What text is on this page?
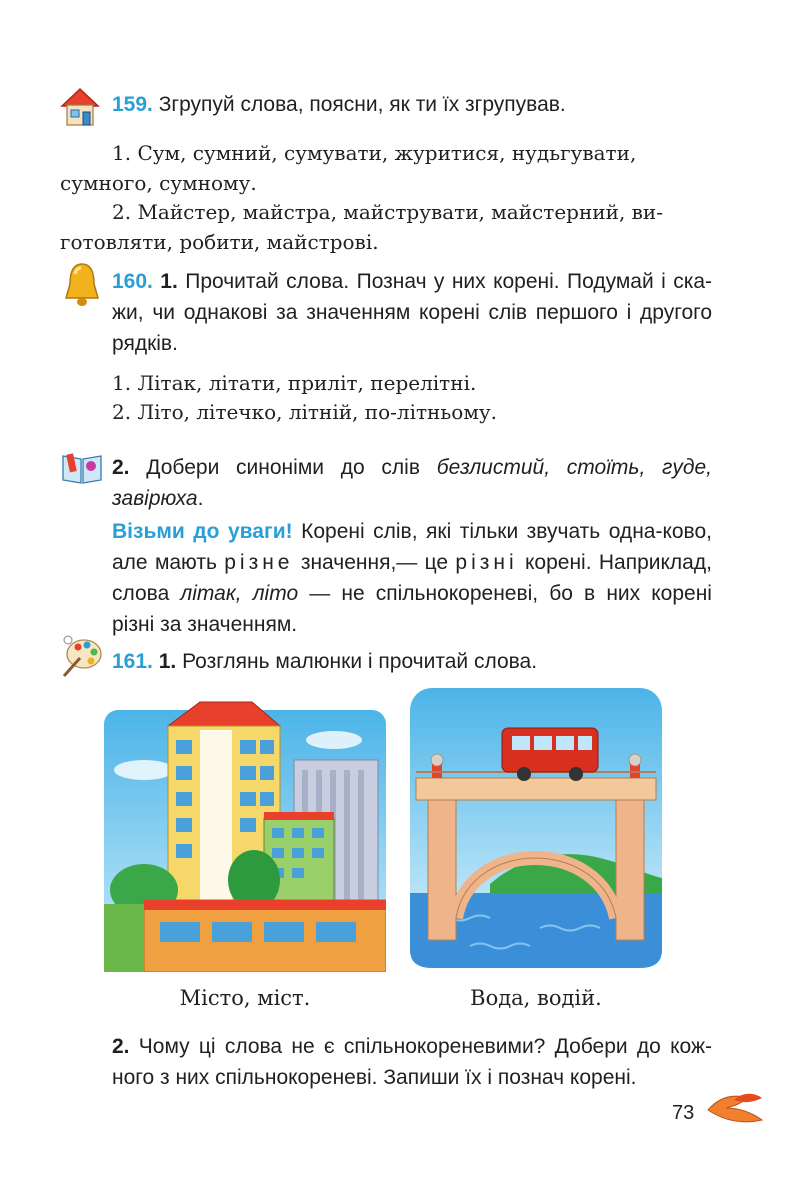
159. Згрупуй слова, поясни, як ти їх згрупував.
1. Сум, сумний, сумувати, журитися, нудьгувати,
сумного, сумному.
2. Майстер, майстра, майструвати, майстерний, ви-
готовляти, робити, майстрові.
160. 1. Прочитай слова. Познач у них корені. Подумай і ска-жи, чи однакові за значенням корені слів першого і другого рядків.
1. Літак, літати, приліт, перелітні.
2. Літо, літечко, літній, по-літньому.
2. Добери синоніми до слів безлистий, стоїть, гуде, завірюха.
Візьми до уваги! Корені слів, які тільки звучать одна-ково, але мають різне значення,— це різні корені. Наприклад, слова літак, літо — не спільнокореневі, бо в них корені різні за значенням.
161. 1. Розглянь малюнки і прочитай слова.
Місто, міст.	Вода, водій.
2. Чому ці слова не є спільнокореневими? Добери до кож-ного з них спільнокореневі. Запиши їх і познач корені.
73
